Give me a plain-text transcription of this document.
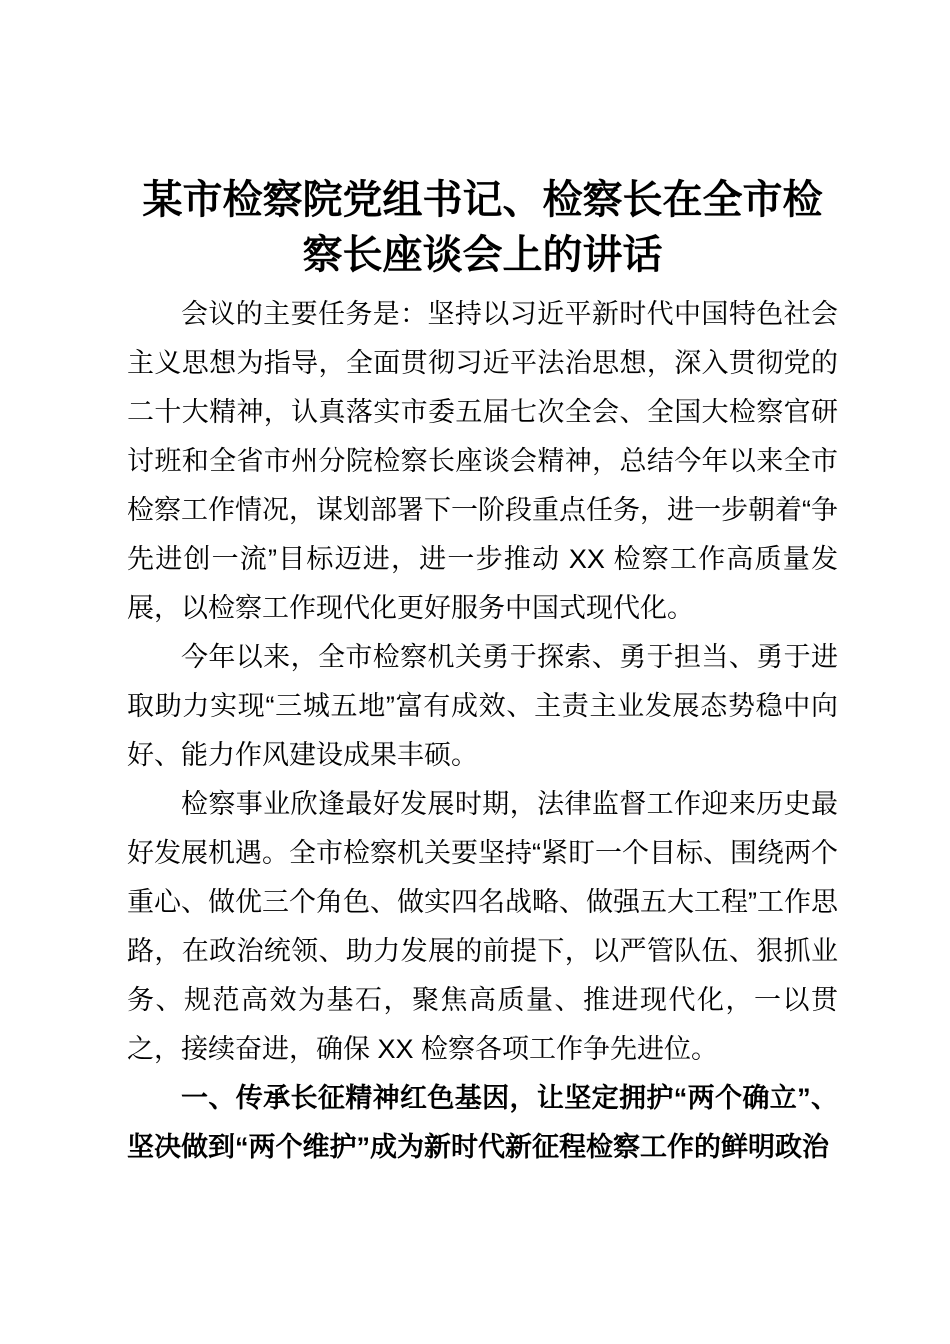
某市检察院党组书记、检察长在全市检察长座谈会上的讲话

会议的主要任务是：坚持以习近平新时代中国特色社会主义思想为指导，全面贯彻习近平法治思想，深入贯彻党的二十大精神，认真落实市委五届七次全会、全国大检察官研讨班和全省市州分院检察长座谈会精神，总结今年以来全市检察工作情况，谋划部署下一阶段重点任务，进一步朝着“争先进创一流”目标迈进，进一步推动 XX 检察工作高质量发展，以检察工作现代化更好服务中国式现代化。

今年以来，全市检察机关勇于探索、勇于担当、勇于进取助力实现“三城五地”富有成效、主责主业发展态势稳中向好、能力作风建设成果丰硕。

检察事业欣逢最好发展时期，法律监督工作迎来历史最好发展机遇。全市检察机关要坚持“紧盯一个目标、围绕两个重心、做优三个角色、做实四名战略、做强五大工程”工作思路，在政治统领、助力发展的前提下，以严管队伍、狠抓业务、规范高效为基石，聚焦高质量、推进现代化，一以贯之，接续奋进，确保 XX 检察各项工作争先进位。

一、传承长征精神红色基因，让坚定拥护“两个确立”、坚决做到“两个维护”成为新时代新征程检察工作的鲜明政治
